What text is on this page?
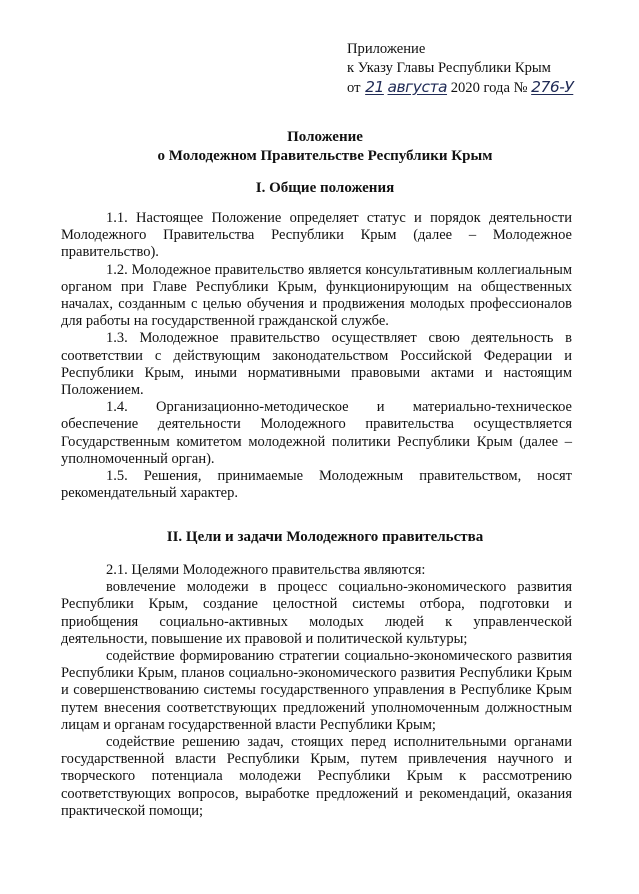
Приложение
к Указу Главы Республики Крым
от 21 августа 2020 года № 276-У
Положение
о Молодежном Правительстве Республики Крым
I. Общие положения

1.1. Настоящее Положение определяет статус и порядок деятельности Молодежного Правительства Республики Крым (далее – Молодежное правительство).

1.2. Молодежное правительство является консультативным коллегиальным органом при Главе Республики Крым, функционирующим на общественных началах, созданным с целью обучения и продвижения молодых профессионалов для работы на государственной гражданской службе.

1.3. Молодежное правительство осуществляет свою деятельность в соответствии с действующим законодательством Российской Федерации и Республики Крым, иными нормативными правовыми актами и настоящим Положением.

1.4. Организационно-методическое и материально-техническое обеспечение деятельности Молодежного правительства осуществляется Государственным комитетом молодежной политики Республики Крым (далее – уполномоченный орган).

1.5. Решения, принимаемые Молодежным правительством, носят рекомендательный характер.

II. Цели и задачи Молодежного правительства

2.1. Целями Молодежного правительства являются:

вовлечение молодежи в процесс социально-экономического развития Республики Крым, создание целостной системы отбора, подготовки и приобщения социально-активных молодых людей к управленческой деятельности, повышение их правовой и политической культуры;

содействие формированию стратегии социально-экономического развития Республики Крым, планов социально-экономического развития Республики Крым и совершенствованию системы государственного управления в Республике Крым путем внесения соответствующих предложений уполномоченным должностным лицам и органам государственной власти Республики Крым;

содействие решению задач, стоящих перед исполнительными органами государственной власти Республики Крым, путем привлечения научного и творческого потенциала молодежи Республики Крым к рассмотрению соответствующих вопросов, выработке предложений и рекомендаций, оказания практической помощи;
